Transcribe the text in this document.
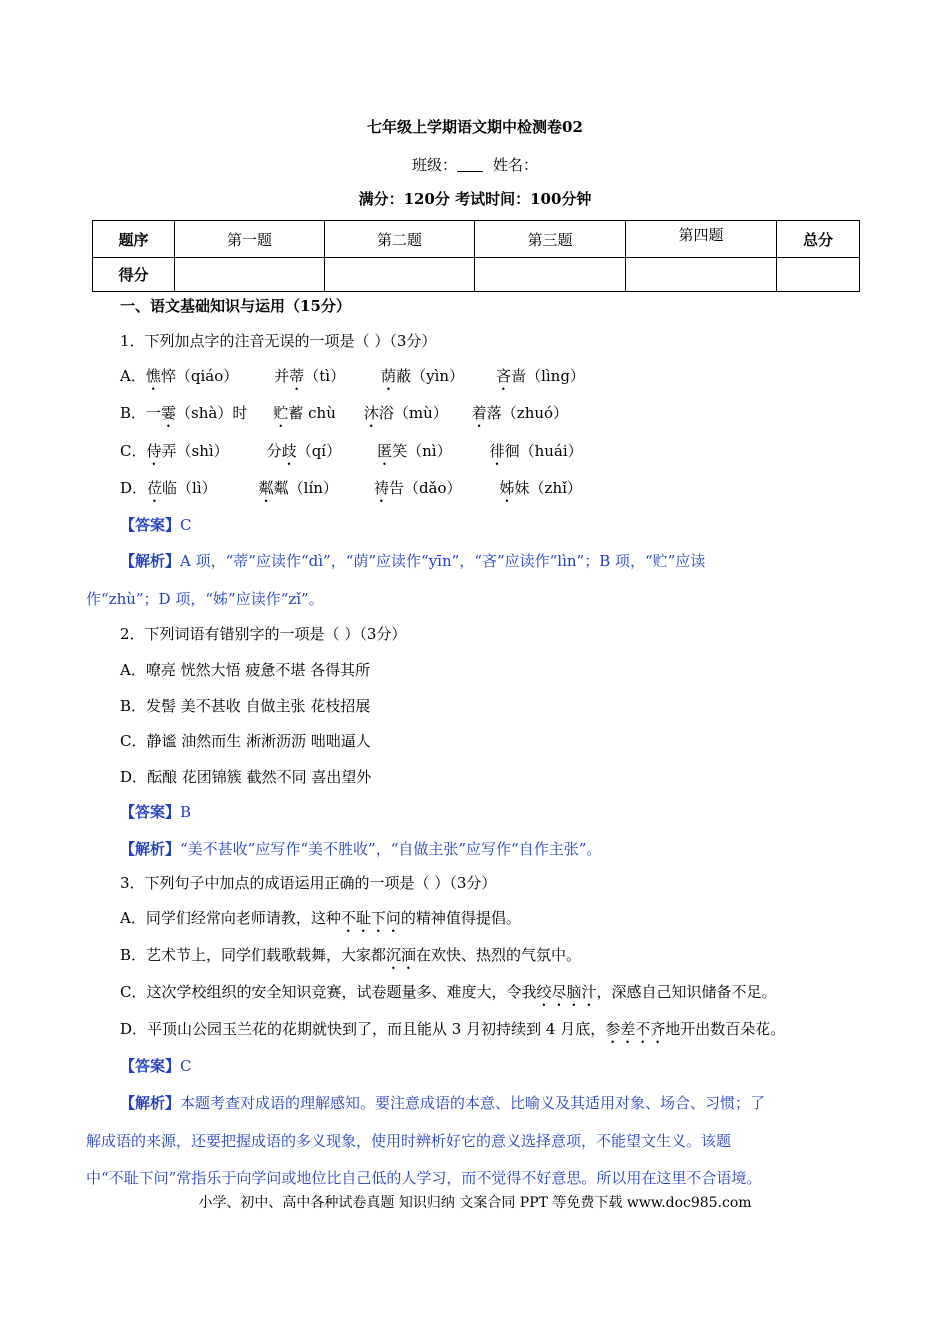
七年级上学期语文期中检测卷02
班级： 姓名：
满分：120分 考试时间：100分钟
题序	第一题	第二题	第三题	第四题	总分
得分					
一、语文基础知识与运用（15分）
1．下列加点字的注音无误的一项是（ ）（3分）
A．憔悴（qiáo） 并蒂（tì） 荫蔽（yìn） 吝啬（lìng）
B．一霎（shà）时 贮蓄 chù 沐浴（mù） 着落（zhuó）
C．侍弄（shì）	分歧（qí） 匿笑（nì）	徘徊（huái）
D．莅临（lì）	粼粼（lín） 祷告（dǎo）	姊妹（zhǐ）
【答案】C
【解析】A 项，“蒂”应读作“dì”，“荫”应读作“yīn”，“吝”应读作“lìn”；B 项，“贮”应读
作“zhù”；D 项，“姊”应读作“zǐ”。
2．下列词语有错别字的一项是（ ）（3分）
A．嘹亮 恍然大悟 疲惫不堪 各得其所
B．发髻 美不甚收 自做主张 花枝招展
C．静谧 油然而生 淅淅沥沥 咄咄逼人
D．酝酿 花团锦簇 截然不同 喜出望外
【答案】B
【解析】“美不甚收”应写作“美不胜收”，“自做主张”应写作“自作主张”。
3．下列句子中加点的成语运用正确的一项是（ ）（3分）
A．同学们经常向老师请教，这种不耻下问的精神值得提倡。
B．艺术节上，同学们载歌载舞，大家都沉湎在欢快、热烈的气氛中。
C．这次学校组织的安全知识竞赛，试卷题量多、难度大，令我绞尽脑汁，深感自己知识储备不足。
D．平顶山公园玉兰花的花期就快到了，而且能从 3 月初持续到 4 月底，参差不齐地开出数百朵花。
【答案】C
【解析】本题考查对成语的理解感知。要注意成语的本意、比喻义及其适用对象、场合、习惯；了
解成语的来源，还要把握成语的多义现象，使用时辨析好它的意义选择意项，不能望文生义。该题
中“不耻下问”常指乐于向学问或地位比自己低的人学习，而不觉得不好意思。所以用在这里不合语境。
小学、初中、高中各种试卷真题 知识归纳 文案合同 PPT 等免费下载 www.doc985.com
